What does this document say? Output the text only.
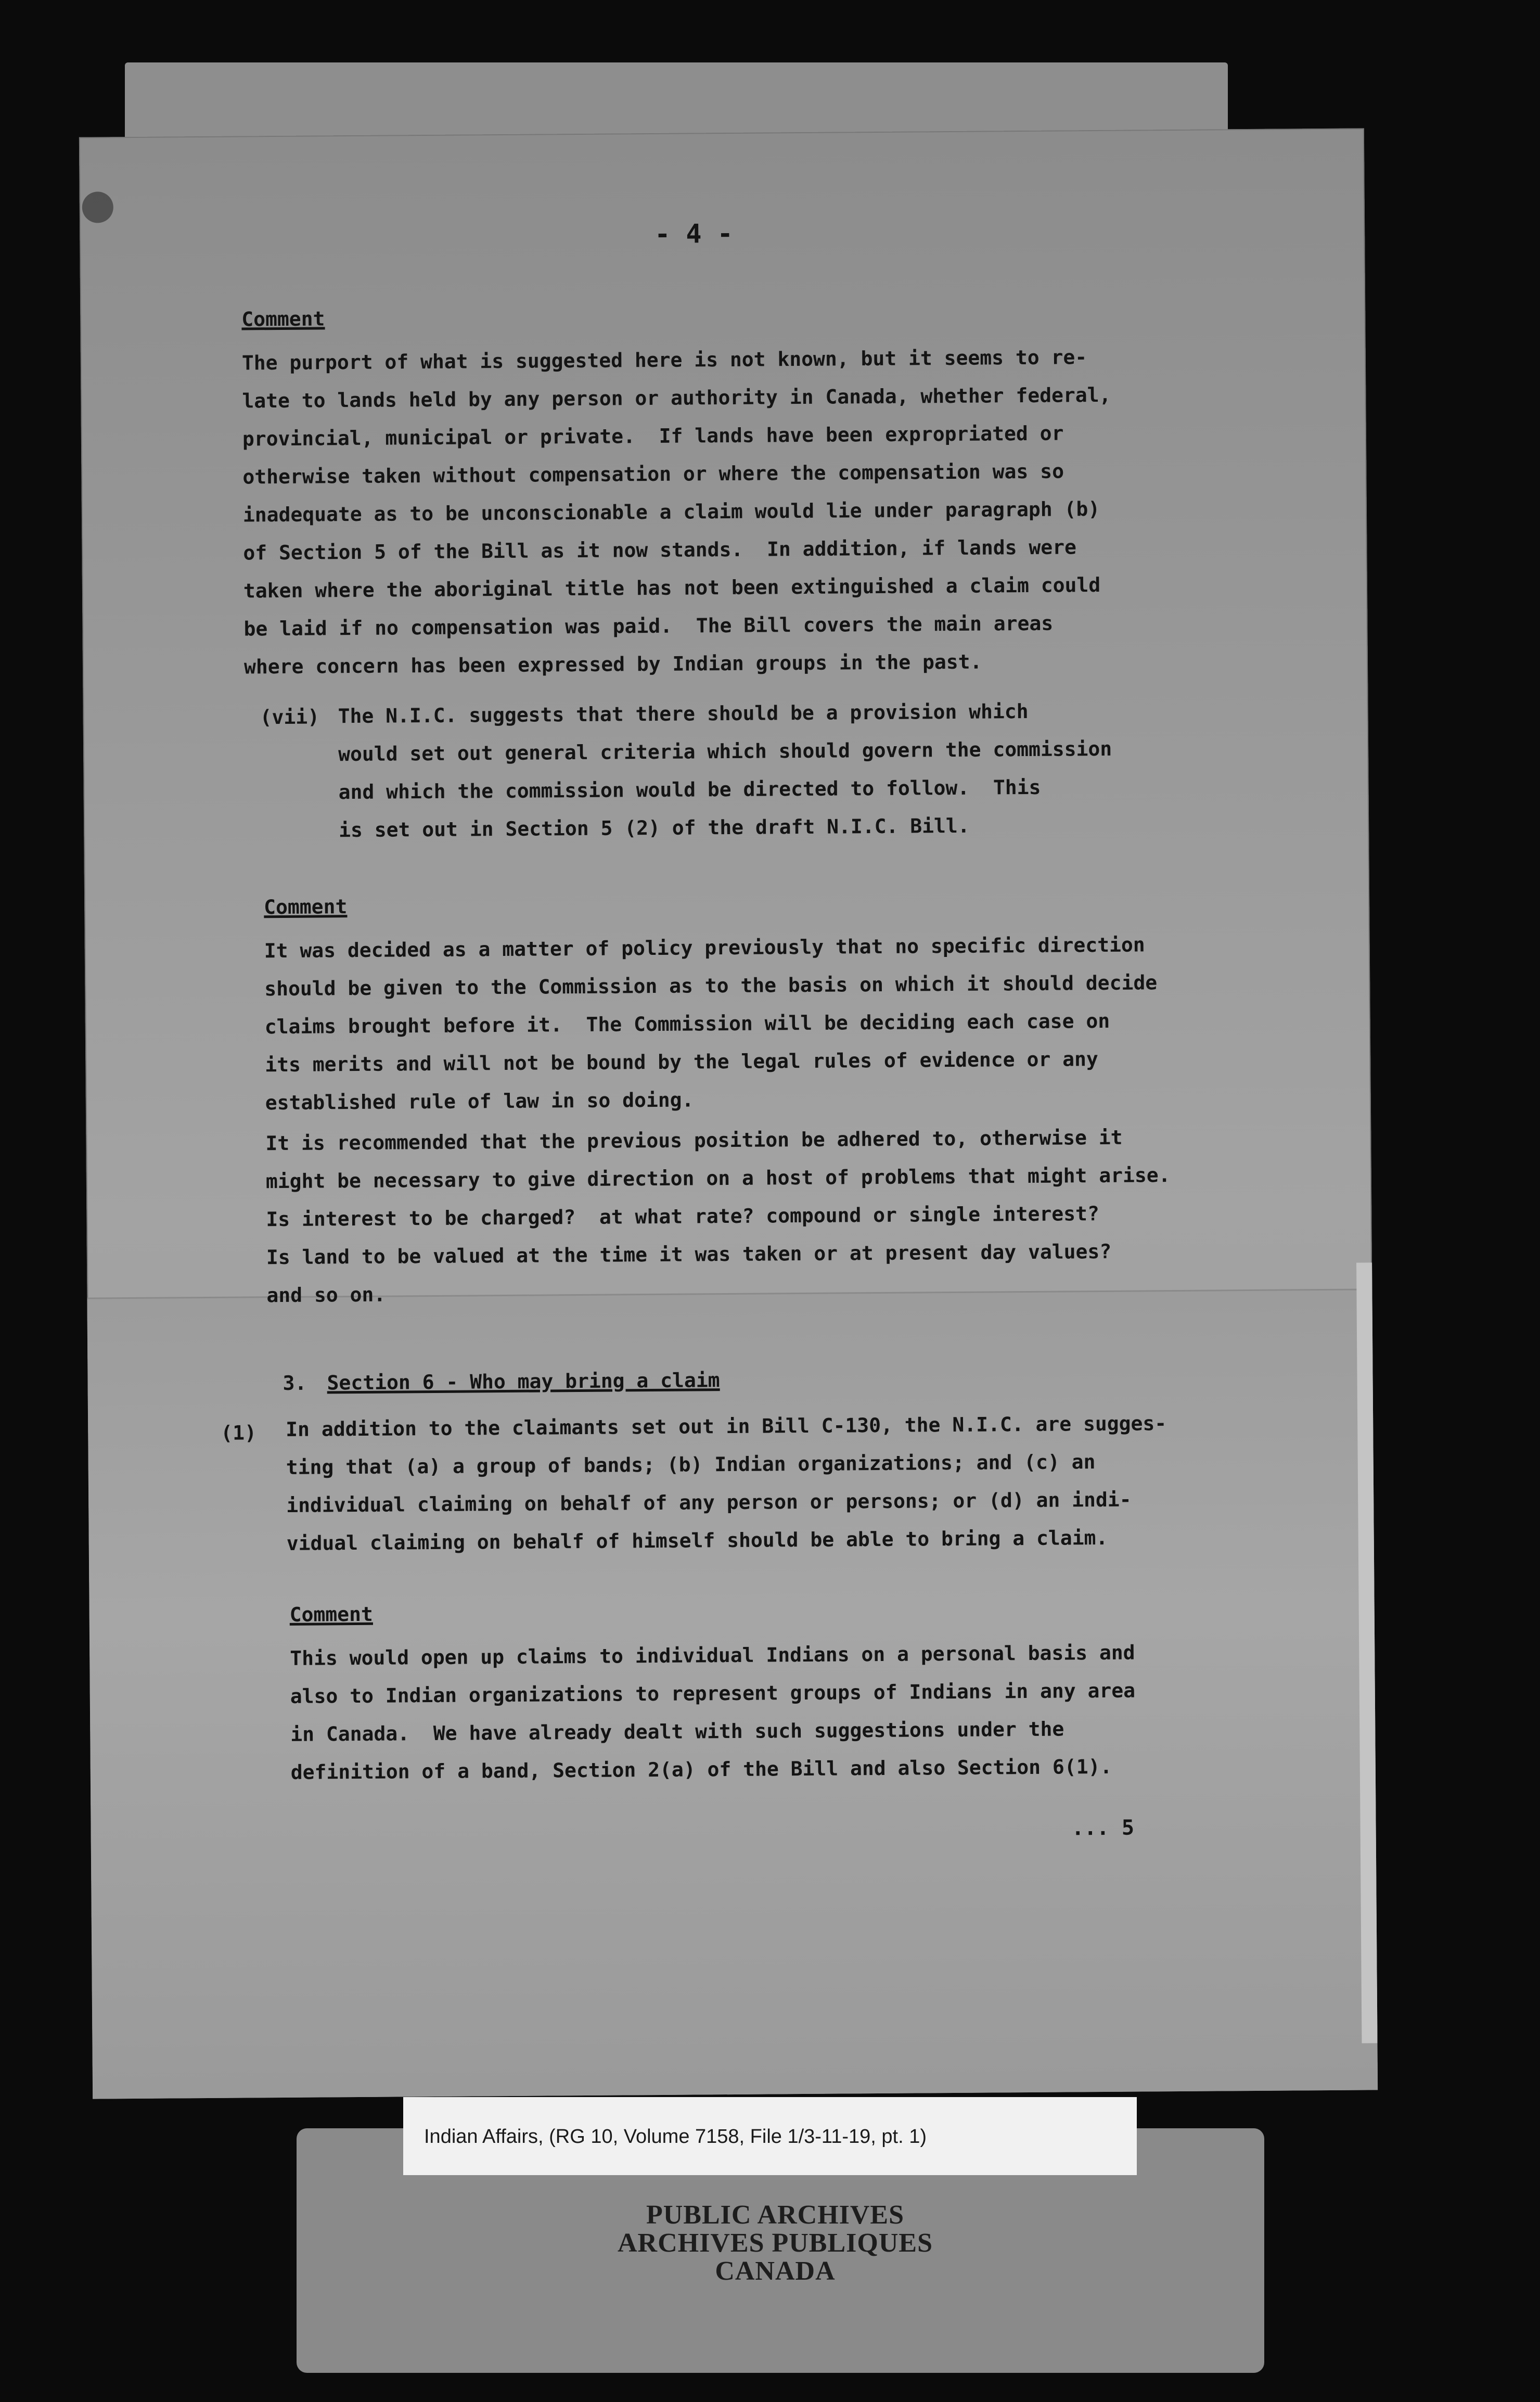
- 4 -
Comment
The purport of what is suggested here is not known, but it seems to re-
late to lands held by any person or authority in Canada, whether federal,
provincial, municipal or private.  If lands have been expropriated or
otherwise taken without compensation or where the compensation was so
inadequate as to be unconscionable a claim would lie under paragraph (b)
of Section 5 of the Bill as it now stands.  In addition, if lands were
taken where the aboriginal title has not been extinguished a claim could
be laid if no compensation was paid.  The Bill covers the main areas
where concern has been expressed by Indian groups in the past.
(vii) The N.I.C. suggests that there should be a provision which
would set out general criteria which should govern the commission
and which the commission would be directed to follow.  This
is set out in Section 5 (2) of the draft N.I.C. Bill.
Comment
It was decided as a matter of policy previously that no specific direction
should be given to the Commission as to the basis on which it should decide
claims brought before it.  The Commission will be deciding each case on
its merits and will not be bound by the legal rules of evidence or any
established rule of law in so doing.
It is recommended that the previous position be adhered to, otherwise it
might be necessary to give direction on a host of problems that might arise.
Is interest to be charged?  at what rate? compound or single interest?
Is land to be valued at the time it was taken or at present day values?
and so on.
3. Section 6 - Who may bring a claim
(1) In addition to the claimants set out in Bill C-130, the N.I.C. are sugges-
ting that (a) a group of bands; (b) Indian organizations; and (c) an
individual claiming on behalf of any person or persons; or (d) an indi-
vidual claiming on behalf of himself should be able to bring a claim.
Comment
This would open up claims to individual Indians on a personal basis and
also to Indian organizations to represent groups of Indians in any area
in Canada.  We have already dealt with such suggestions under the
definition of a band, Section 2(a) of the Bill and also Section 6(1).
... 5
Indian Affairs, (RG 10, Volume 7158, File 1/3-11-19, pt. 1)
PUBLIC ARCHIVES
ARCHIVES PUBLIQUES
CANADA
